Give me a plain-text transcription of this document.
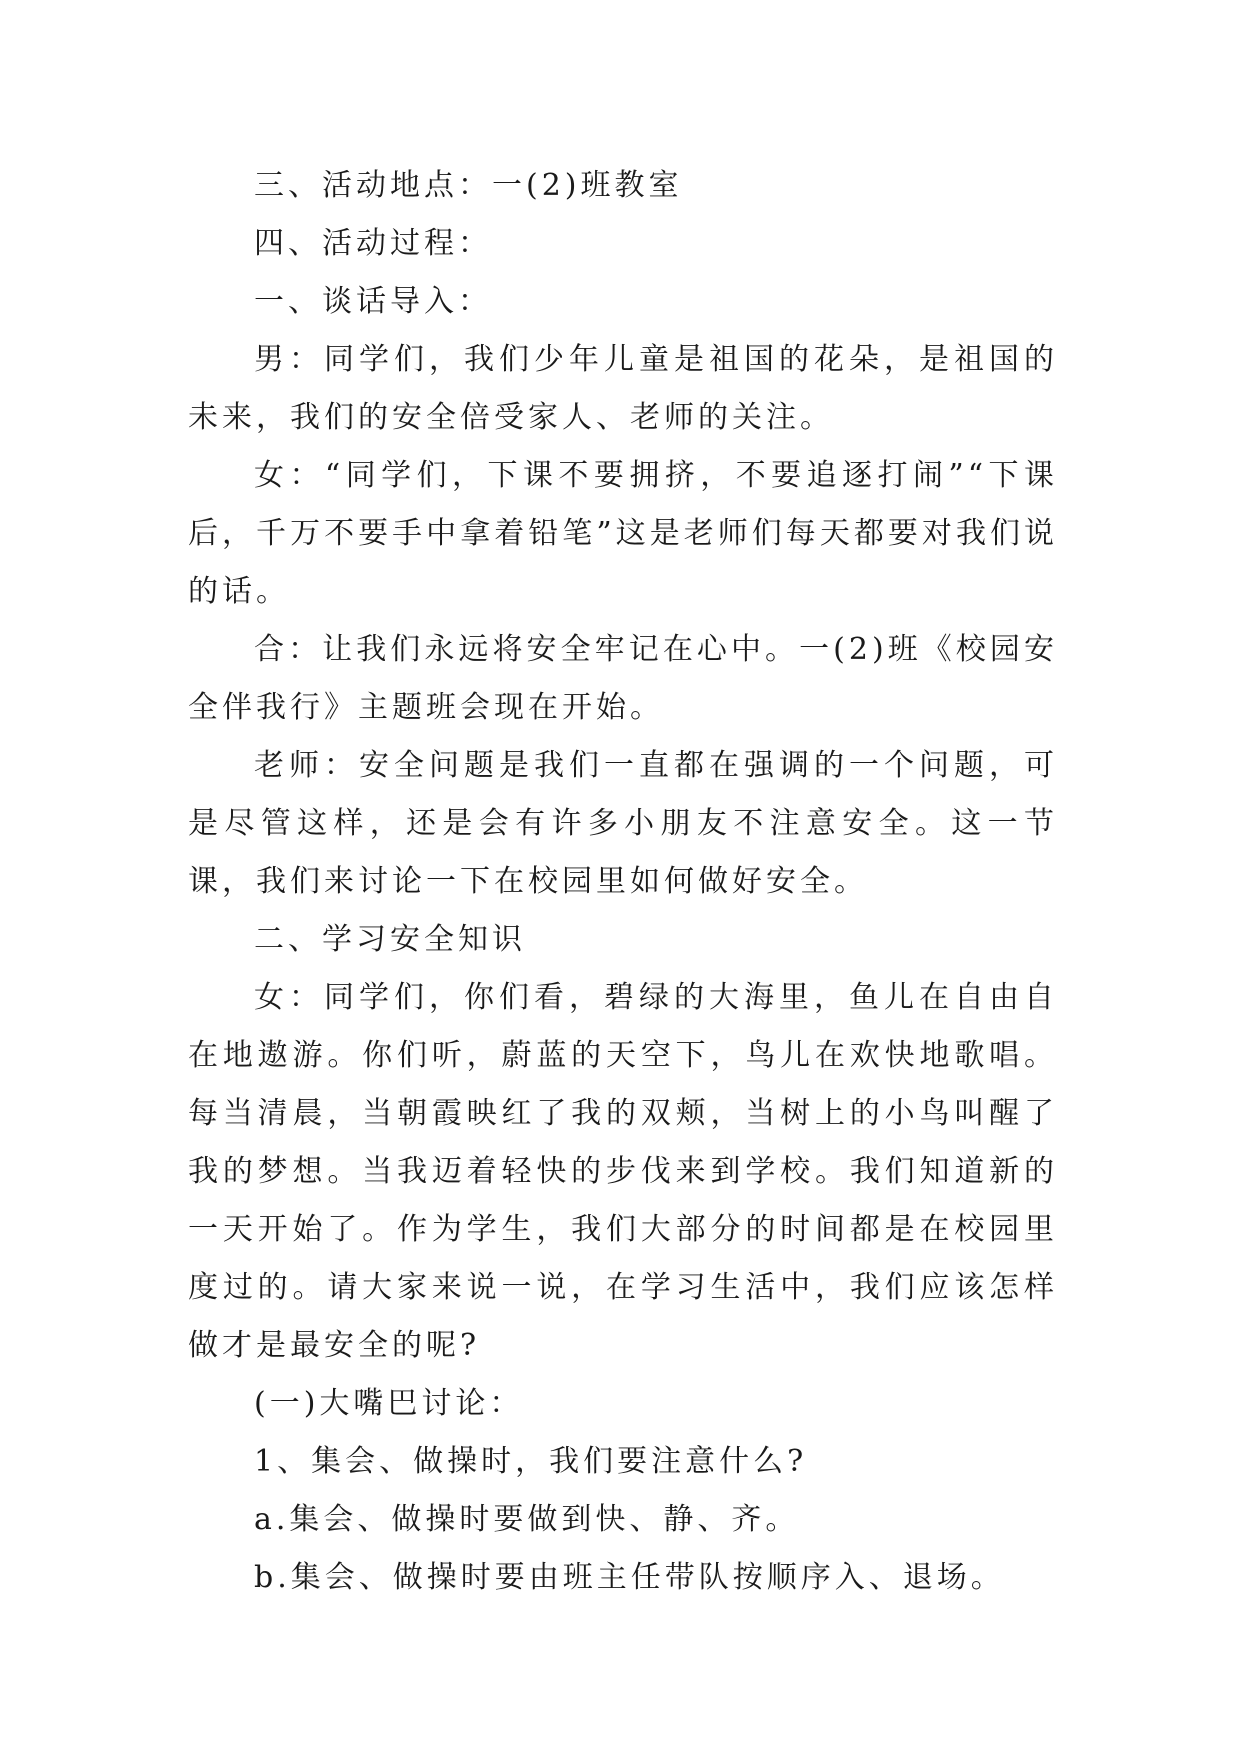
三、活动地点：一(2)班教室

四、活动过程：

一、谈话导入：

男：同学们，我们少年儿童是祖国的花朵，是祖国的未来，我们的安全倍受家人、老师的关注。

女：“同学们，下课不要拥挤，不要追逐打闹”“下课后，千万不要手中拿着铅笔”这是老师们每天都要对我们说的话。

合：让我们永远将安全牢记在心中。一(2)班《校园安全伴我行》主题班会现在开始。

老师：安全问题是我们一直都在强调的一个问题，可是尽管这样，还是会有许多小朋友不注意安全。这一节课，我们来讨论一下在校园里如何做好安全。

二、学习安全知识

女：同学们，你们看，碧绿的大海里，鱼儿在自由自在地遨游。你们听，蔚蓝的天空下，鸟儿在欢快地歌唱。每当清晨，当朝霞映红了我的双颊，当树上的小鸟叫醒了我的梦想。当我迈着轻快的步伐来到学校。我们知道新的一天开始了。作为学生，我们大部分的时间都是在校园里度过的。请大家来说一说，在学习生活中，我们应该怎样做才是最安全的呢?

(一)大嘴巴讨论：

1、集会、做操时，我们要注意什么?

a.集会、做操时要做到快、静、齐。

b.集会、做操时要由班主任带队按顺序入、退场。
